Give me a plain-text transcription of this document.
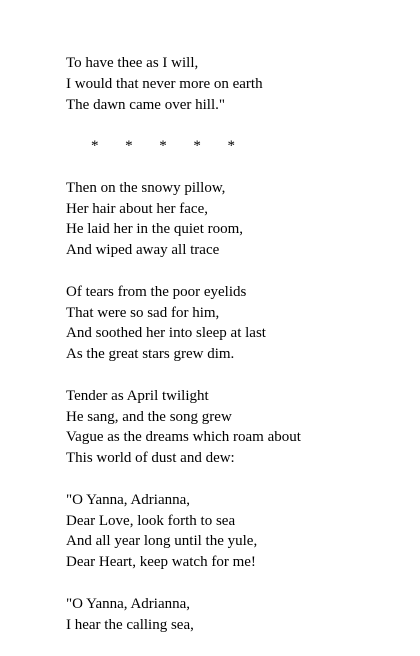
To have thee as I will,
I would that never more on earth
The dawn came over hill."
* * * * *
Then on the snowy pillow,
Her hair about her face,
He laid her in the quiet room,
And wiped away all trace
Of tears from the poor eyelids
That were so sad for him,
And soothed her into sleep at last
As the great stars grew dim.
Tender as April twilight
He sang, and the song grew
Vague as the dreams which roam about
This world of dust and dew:
"O Yanna, Adrianna,
Dear Love, look forth to sea
And all year long until the yule,
Dear Heart, keep watch for me!
"O Yanna, Adrianna,
I hear the calling sea,
